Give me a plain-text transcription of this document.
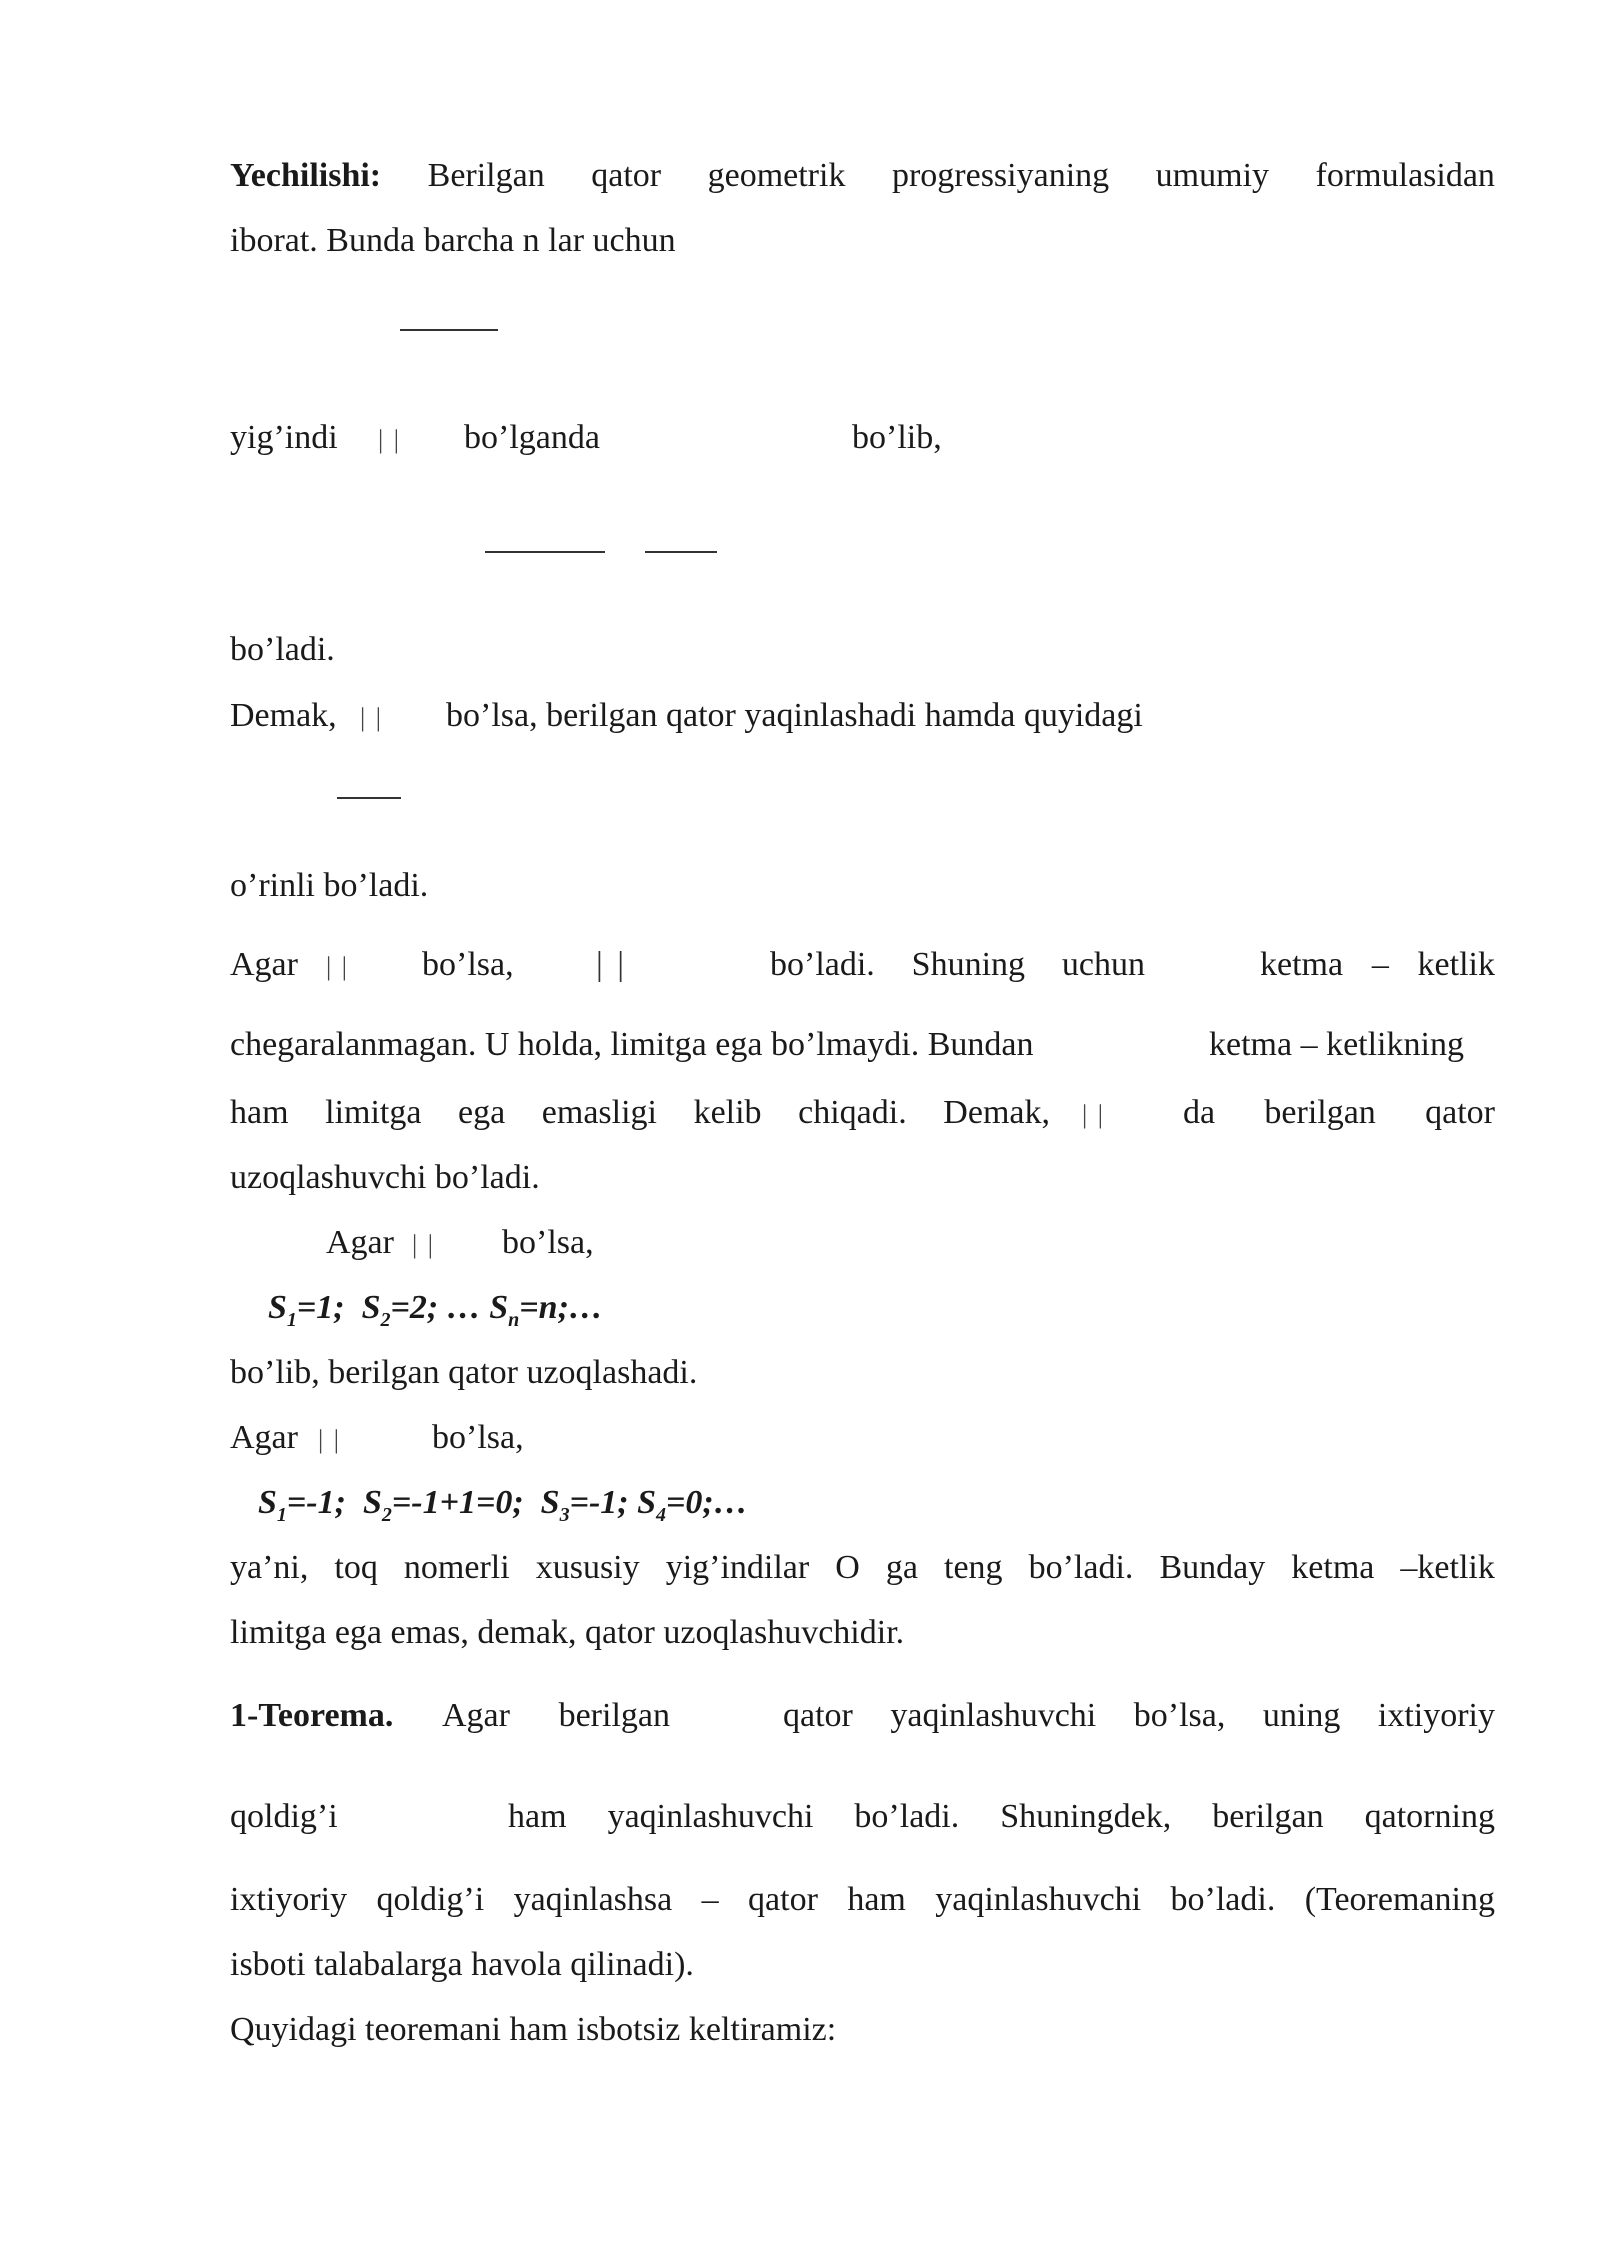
Yechilishi: Berilgan qator geometrik progressiyaning umumiy formulasidan
iborat. Bunda barcha n lar uchun
yig’indi | | bo’lganda	bo’lib,
bo’ladi.
Demak, | | bo’lsa, berilgan qator yaqinlashadi hamda quyidagi
o’rinli bo’ladi.
Agar | | bo’lsa, | |	bo’ladi. Shuning uchun	ketma – ketlik
chegaralanmagan. U holda, limitga ega bo’lmaydi. Bundan	ketma – ketlikning
ham limitga ega emasligi kelib chiqadi. Demak, | | da berilgan qator
uzoqlashuvchi bo’ladi.
Agar | | bo’lsa,
$S_1=1$; $S_2=2$; … $S_n=n;\dots$
bo’lib, berilgan qator uzoqlashadi.
Agar | |	bo’lsa,
$S_1=-1$; $S_2=-1+1=0$; $S_3=-1$; $S_4=0;\dots$
ya’ni, toq nomerli xususiy yig’indilar O ga teng bo’ladi. Bunday ketma –ketlik
limitga ega emas, demak, qator uzoqlashuvchidir.
1-Teorema. Agar berilgan	qator yaqinlashuvchi bo’lsa, uning ixtiyoriy
qoldig’i	ham yaqinlashuvchi bo’ladi. Shuningdek, berilgan qatorning
ixtiyoriy qoldig’i yaqinlashsa – qator ham yaqinlashuvchi bo’ladi. (Teoremaning
isboti talabalarga havola qilinadi).
Quyidagi teoremani ham isbotsiz keltiramiz:
